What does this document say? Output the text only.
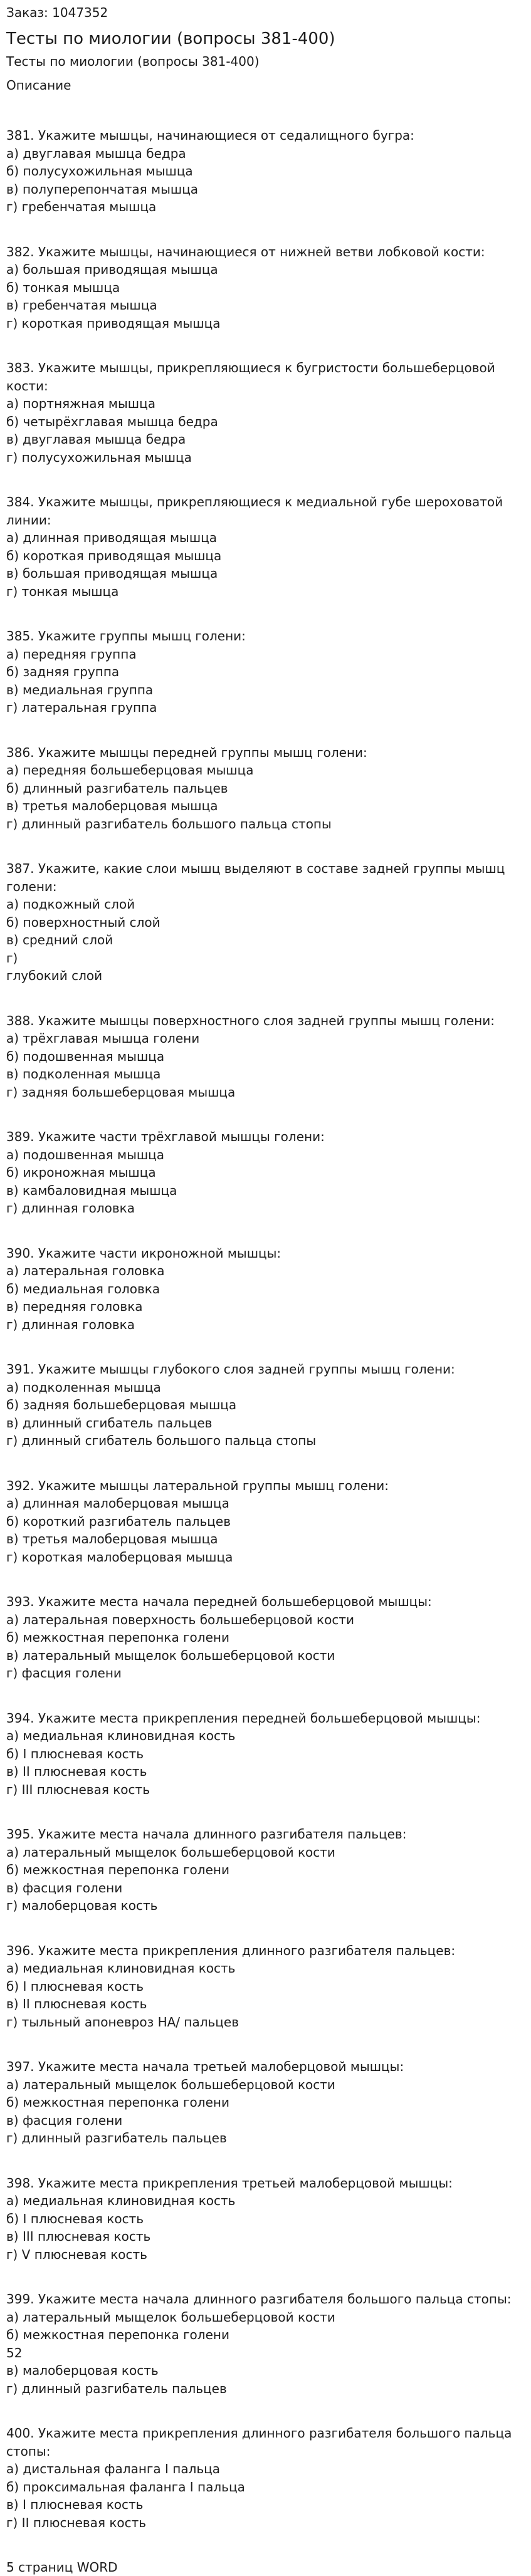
Заказ: 1047352

Тесты по миологии (вопросы 381-400)

Тесты по миологии (вопросы 381-400)

Описание

381. Укажите мышцы, начинающиеся от седалищного бугра:

а) двуглавая мышца бедра

б) полусухожильная мышца

в) полуперепончатая мышца

г) гребенчатая мышца

382. Укажите мышцы, начинающиеся от нижней ветви лобковой кости:

а) большая приводящая мышца

б) тонкая мышца

в) гребенчатая мышца

г) короткая приводящая мышца

383. Укажите мышцы, прикрепляющиеся к бугристости большеберцовой кости:

а) портняжная мышца

б) четырёхглавая мышца бедра

в) двуглавая мышца бедра

г) полусухожильная мышца

384. Укажите мышцы, прикрепляющиеся к медиальной губе шероховатой линии:

а) длинная приводящая мышца

б) короткая приводящая мышца

в) большая приводящая мышца

г) тонкая мышца

385. Укажите группы мышц голени:

а) передняя группа

б) задняя группа

в) медиальная группа

г) латеральная группа

386. Укажите мышцы передней группы мышц голени:

а) передняя большеберцовая мышца

б) длинный разгибатель пальцев

в) третья малоберцовая мышца

г) длинный разгибатель большого пальца стопы

387. Укажите, какие слои мышц выделяют в составе задней группы мышц голени:

а) подкожный слой

б) поверхностный слой

в) средний слой

г)

глубокий слой

388. Укажите мышцы поверхностного слоя задней группы мышц голени:

а) трёхглавая мышца голени

б) подошвенная мышца

в) подколенная мышца

г) задняя большеберцовая мышца

389. Укажите части трёхглавой мышцы голени:

а) подошвенная мышца

б) икроножная мышца

в) камбаловидная мышца

г) длинная головка

390. Укажите части икроножной мышцы:

а) латеральная головка

б) медиальная головка

в) передняя головка

г) длинная головка

391. Укажите мышцы глубокого слоя задней группы мышц голени:

а) подколенная мышца

б) задняя большеберцовая мышца

в) длинный сгибатель пальцев

г) длинный сгибатель большого пальца стопы

392. Укажите мышцы латеральной группы мышц голени:

а) длинная малоберцовая мышца

б) короткий разгибатель пальцев

в) третья малоберцовая мышца

г) короткая малоберцовая мышца

393. Укажите места начала передней большеберцовой мышцы:

а) латеральная поверхность большеберцовой кости

б) межкостная перепонка голени

в) латеральный мыщелок большеберцовой кости

г) фасция голени

394. Укажите места прикрепления передней большеберцовой мышцы:

а) медиальная клиновидная кость

б) I плюсневая кость

в) II плюсневая кость

г) III плюсневая кость

395. Укажите места начала длинного разгибателя пальцев:

а) латеральный мыщелок большеберцовой кости

б) межкостная перепонка голени

в) фасция голени

г) малоберцовая кость

396. Укажите места прикрепления длинного разгибателя пальцев:

а) медиальная клиновидная кость

б) I плюсневая кость

в) II плюсневая кость

г) тыльный апоневроз НА/ пальцев

397. Укажите места начала третьей малоберцовой мышцы:

а) латеральный мыщелок большеберцовой кости

б) межкостная перепонка голени

в) фасция голени

г) длинный разгибатель пальцев

398. Укажите места прикрепления третьей малоберцовой мышцы:

а) медиальная клиновидная кость

б) I плюсневая кость

в) III плюсневая кость

г) V плюсневая кость

399. Укажите места начала длинного разгибателя большого пальца стопы:

а) латеральный мыщелок большеберцовой кости

б) межкостная перепонка голени

52

в) малоберцовая кость

г) длинный разгибатель пальцев

400. Укажите места прикрепления длинного разгибателя большого пальца стопы:

а) дистальная фаланга I пальца

б) проксимальная фаланга I пальца

в) I плюсневая кость

г) II плюсневая кость

5 страниц WORD
